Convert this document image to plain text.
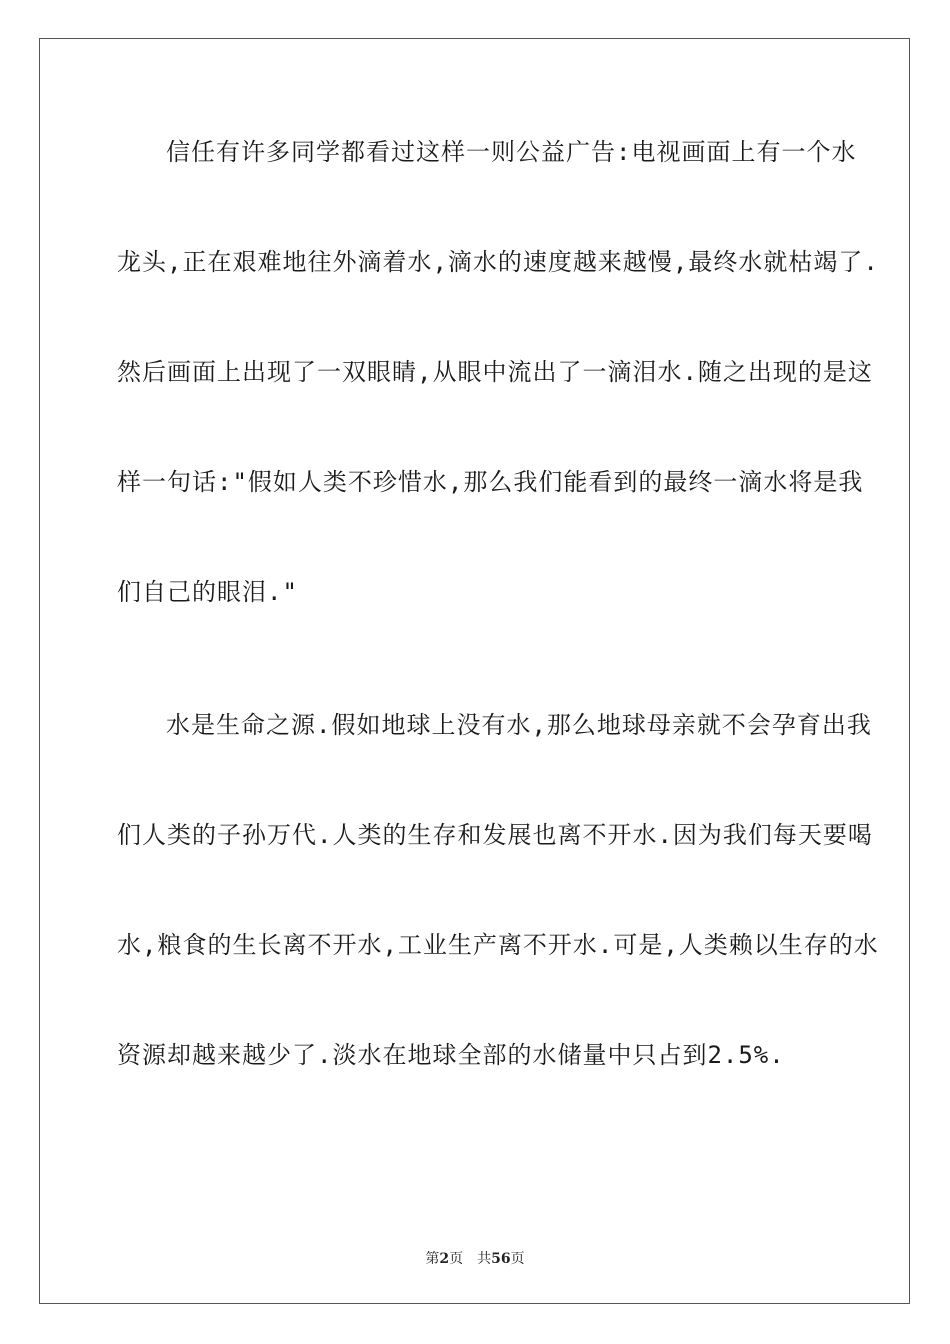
信任有许多同学都看过这样一则公益广告:电视画面上有一个水

龙头,正在艰难地往外滴着水,滴水的速度越来越慢,最终水就枯竭了.

然后画面上出现了一双眼睛,从眼中流出了一滴泪水.随之出现的是这

样一句话:"假如人类不珍惜水,那么我们能看到的最终一滴水将是我

们自己的眼泪."

水是生命之源.假如地球上没有水,那么地球母亲就不会孕育出我

们人类的子孙万代.人类的生存和发展也离不开水.因为我们每天要喝

水,粮食的生长离不开水,工业生产离不开水.可是,人类赖以生存的水

资源却越来越少了.淡水在地球全部的水储量中只占到2.5%.

第2页 共56页
